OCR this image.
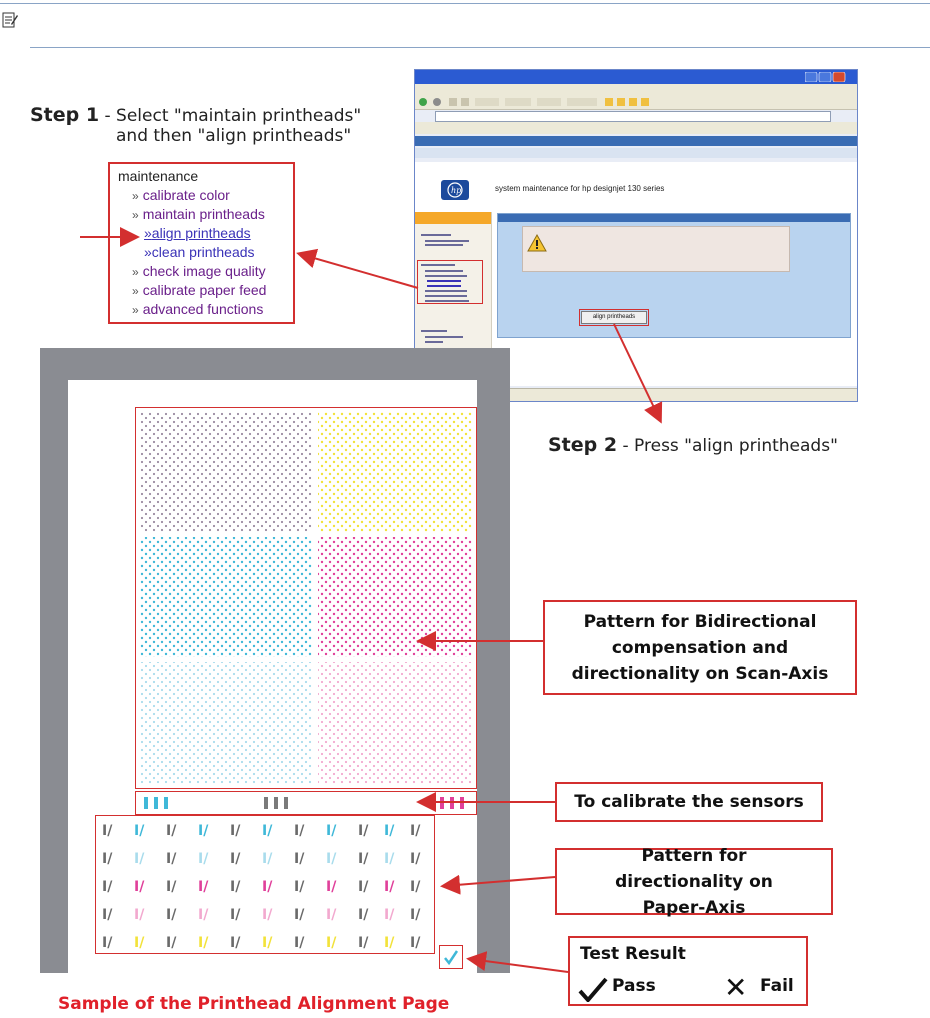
Step 1 - Select "maintain printheads"
and then "align printheads"
maintenance
» calibrate color
» maintain printheads
»align printheads
»clean printheads
» check image quality
» calibrate paper feed
» advanced functions
hp	system maintenance for hp designjet 130 series
align printheads
Step 2 - Press "align printheads"
I/	I/	I/	I/	I/	I/
I/	I/	I/	I/	I/	I/
I/	I/	I/	I/	I/	I/
I/	I/	I/	I/	I/	I/
I/	I/	I/	I/	I/	I/
I/	I/	I/	I/	I/
I/	I/	I/	I/	I/
I/	I/	I/	I/	I/
I/	I/	I/	I/	I/
I/	I/	I/	I/	I/
Pattern for Bidirectional compensation and directionality on Scan-Axis
To calibrate the sensors
Pattern for directionality on Paper-Axis
Test Result
Pass ✕ Fail
Sample of the Printhead Alignment Page
